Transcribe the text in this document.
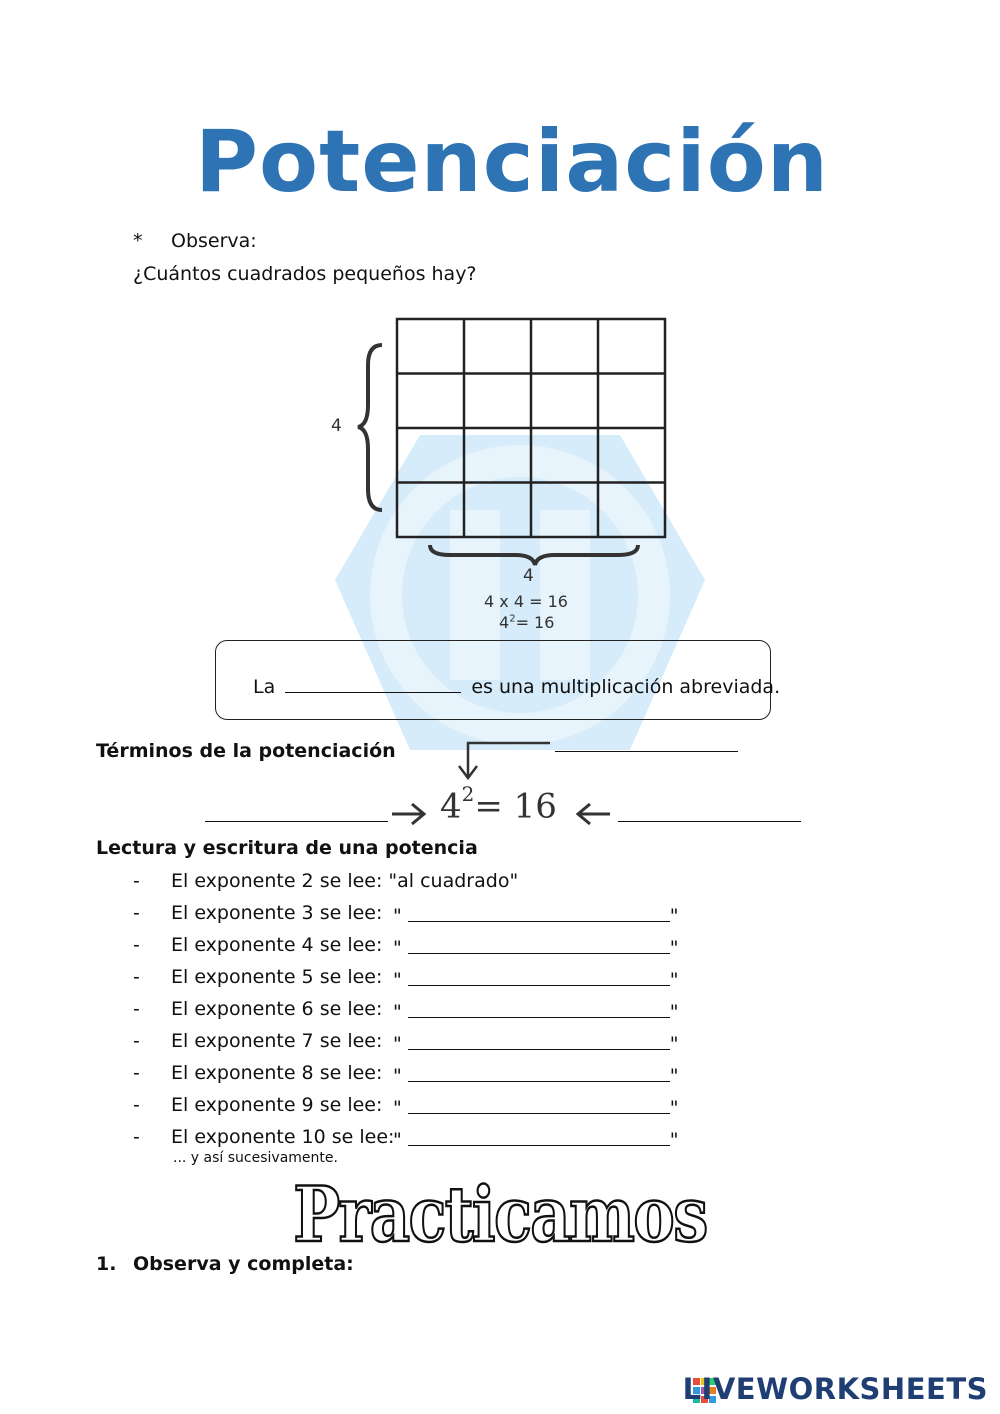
Potenciación
* Observa:
¿Cuántos cuadrados pequeños hay?
4
4
4 x 4 = 16
$4^2= 16$
La	es una multiplicación abreviada.
Términos de la potenciación
$4^2= 16$
Lectura y escritura de una potencia
- El exponente 2 se lee: "al cuadrado"
- El exponente 3 se lee: "	"
- El exponente 4 se lee: "	"
- El exponente 5 se lee: "	"
- El exponente 6 se lee: "	"
- El exponente 7 se lee: "	"
- El exponente 8 se lee: "	"
- El exponente 9 se lee: "	"
- El exponente 10 se lee:
"	"
... y así sucesivamente.
Practicamos
1. Observa y completa:
LIVEWORKSHEETS
